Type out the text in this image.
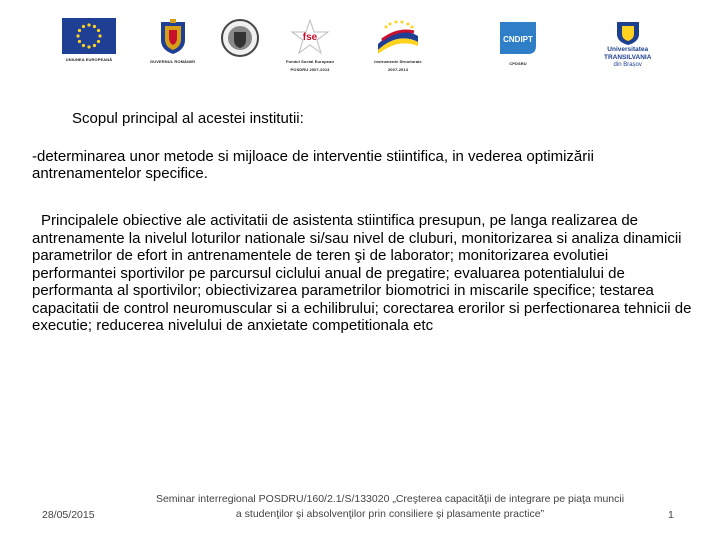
UNIUNEA EUROPEANĂ	GUVERNUL ROMÂNIEI
fse
Fondul Social European
POSDRU 2007-2013
Instrumente Structurale
2007-2013
CNDIPT
CPDSRU
Universitatea
TRANSILVANIA
din Brașov
Scopul principal al acestei institutii:
-determinarea unor metode si mijloace de interventie stiintifica, in vederea optimizării antrenamentelor specifice.
Principalele obiective ale activitatii de asistenta stiintifica presupun, pe langa realizarea de antrenamente la nivelul loturilor nationale si/sau nivel de cluburi, monitorizarea si analiza dinamicii parametrilor de efort in antrenamentele de teren şi de laborator; monitorizarea evolutiei performantei sportivilor pe parcursul ciclului anual de pregatire; evaluarea potentialului de performanta al sportivilor; obiectivizarea parametrilor biomotrici in miscarile specifice; testarea capacitatii de control neuromuscular si a echilibrului; corectarea erorilor si perfectionarea tehnicii de executie; reducerea nivelului de anxietate competitionala etc
28/05/2015
Seminar interregional POSDRU/160/2.1/S/133020 „Creşterea capacităţii de integrare pe piaţa muncii
a studenţilor şi absolvenţilor prin consiliere şi plasamente practice”	1
